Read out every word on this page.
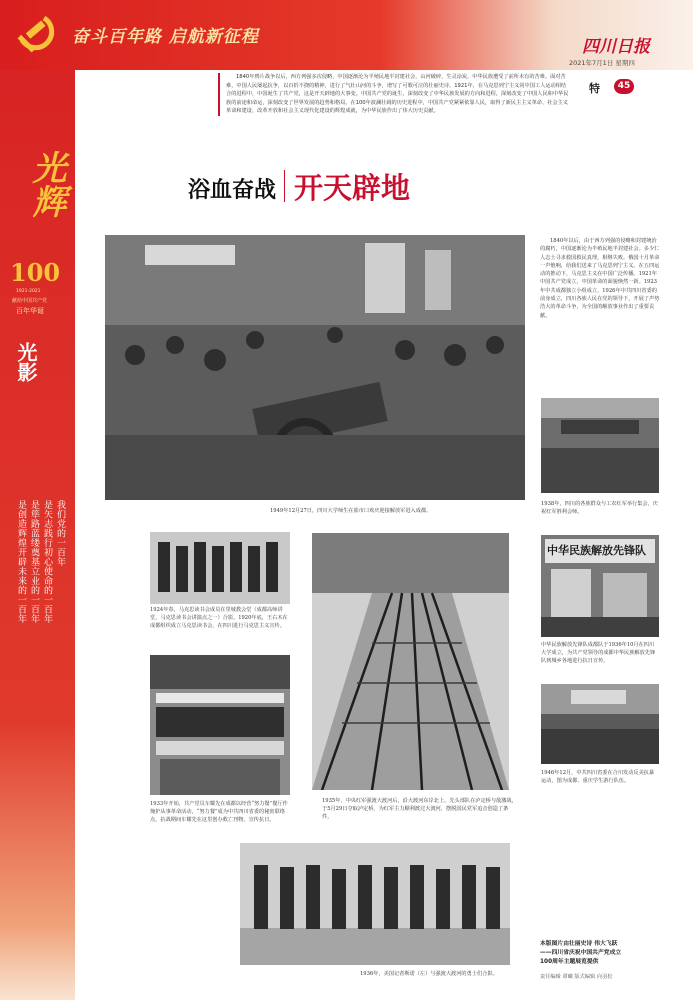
奋斗百年路 启航新征程	四川日报
2021年7月1日 星期四
特	45
光辉
100
1921-2021
献给中国共产党
百年华诞
光影
我们党的一百年
是矢志践行初心使命的一百年
是筚路蓝缕奠基立业的一百年
是创造辉煌开辟未来的一百年
1840年鸦片战争以后，西方列强多次侵略，中国逐渐沦为半殖民地半封建社会，山河破碎，生灵涂炭，中华民族遭受了前所未有的苦难。面对苦难，中国人民屡起抗争，以百折不挠的精神，进行了气壮山河的斗争，谱写了可歌可泣的壮丽史诗。1921年，在马克思列宁主义同中国工人运动相结合的进程中，中国诞生了共产党，这是开天辟地的大事变。中国共产党的诞生，深刻改变了中华民族发展的方向和进程，深刻改变了中国人民和中华民族的前途和命运，深刻改变了世界发展的趋势和格局。在100年波澜壮阔的历史进程中，中国共产党紧紧依靠人民，取得了新民主主义革命、社会主义革命和建设、改革开放和社会主义现代化建设的辉煌成就，为中华民族作出了伟大历史贡献。
浴血奋战 开天辟地
1949年12月27日，四川大学师生在盐市口欢庆迎接解放军进入成都。
1840年以后，由于西方列强的侵略和封建统治的腐朽，中国逐渐沦为半殖民地半封建社会。多少仁人志士寻求救国救民真理，相继失败。俄国十月革命一声炮响，给我们送来了马克思列宁主义。在五四运动的推动下，马克思主义在中国广泛传播。1921年中国共产党成立，中国革命的面貌焕然一新。1923年中共成都独立小组成立，1926年中共四川省委的前身成立，四川各族人民在党的领导下，开展了声势浩大的革命斗争，为全国的解放事业作出了重要贡献。
1938年，四川的各族群众与工农红军举行集会，庆祝红军胜利会师。
中华民族解放先锋队
中华民族解放先锋队成都队于1936年10月在四川大学成立，为共产党领导的成都中华民族解放先锋队到城乡各地进行抗日宣传。
1946年12月，中共四川省委在合川发动反美抗暴运动，图为成都、重庆学生游行队伍。
1924年春，马克思读书会成员在里城教会堂（成都高师讲堂，马克思读书会讲演点之一）合影。1920年底，王右木在成都组织成立马克思读书会，在四川进行马克思主义宣传。
1933年开始，共产党员车耀先在成都以经营“努力餐”餐厅作掩护从事革命活动，“努力餐”成为中共四川省委的秘密联络点，抗战期间车耀先在这里创办救亡刊物，宣传抗日。
1935年，中央红军强渡大渡河后，沿大渡河东岸北上。先头部队在泸定桥与敌激战，于5月29日夺取泸定桥，为红军主力顺利渡过大渡河，摆脱国民党军追击创造了条件。
1936年，美国记者斯诺（左）与强渡大渡河的勇士们合影。
本版图片由壮丽史诗 伟大飞跃
——四川省庆祝中国共产党成立
100周年主题展览提供
责任编辑 谭曦 版式编辑 向羽松
